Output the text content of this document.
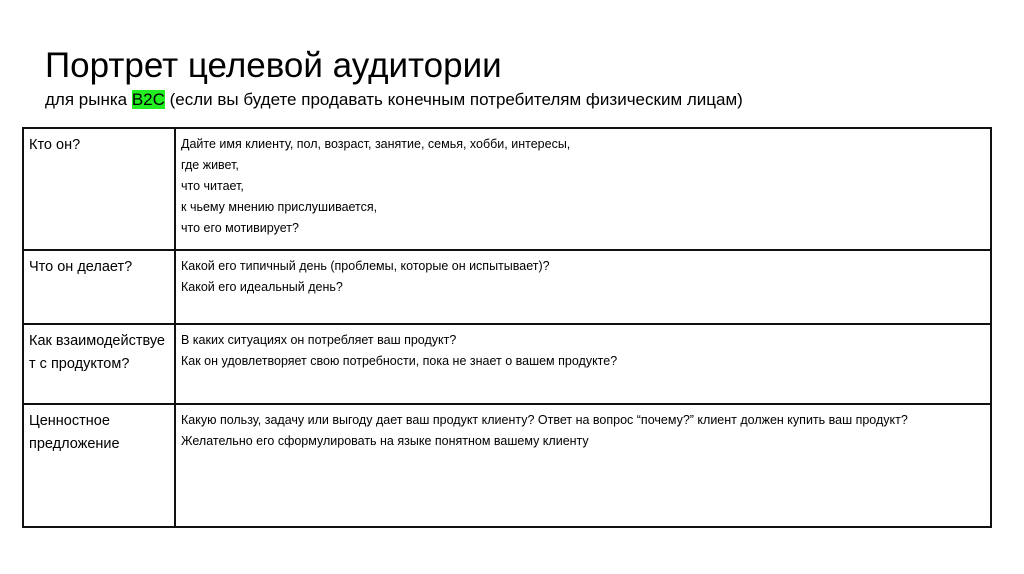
Портрет целевой аудитории
для рынка B2C (если вы будете продавать конечным потребителям физическим лицам)
Кто он?	Дайте имя клиенту, пол, возраст, занятие, семья, хобби, интересы,
где живет,
что читает,
к чьему мнению прислушивается,
что его мотивирует?

Что он делает?	Какой его типичный день (проблемы, которые он испытывает)?
Какой его идеальный день?

Как взаимодействует с продуктом?	В каких ситуациях он потребляет ваш продукт?
Как он удовлетворяет свою потребности, пока не знает о вашем продукте?

Ценностное предложение	Какую пользу, задачу или выгоду дает ваш продукт клиенту? Ответ на вопрос “почему?” клиент должен купить ваш продукт?
Желательно его сформулировать на языке понятном вашему клиенту
